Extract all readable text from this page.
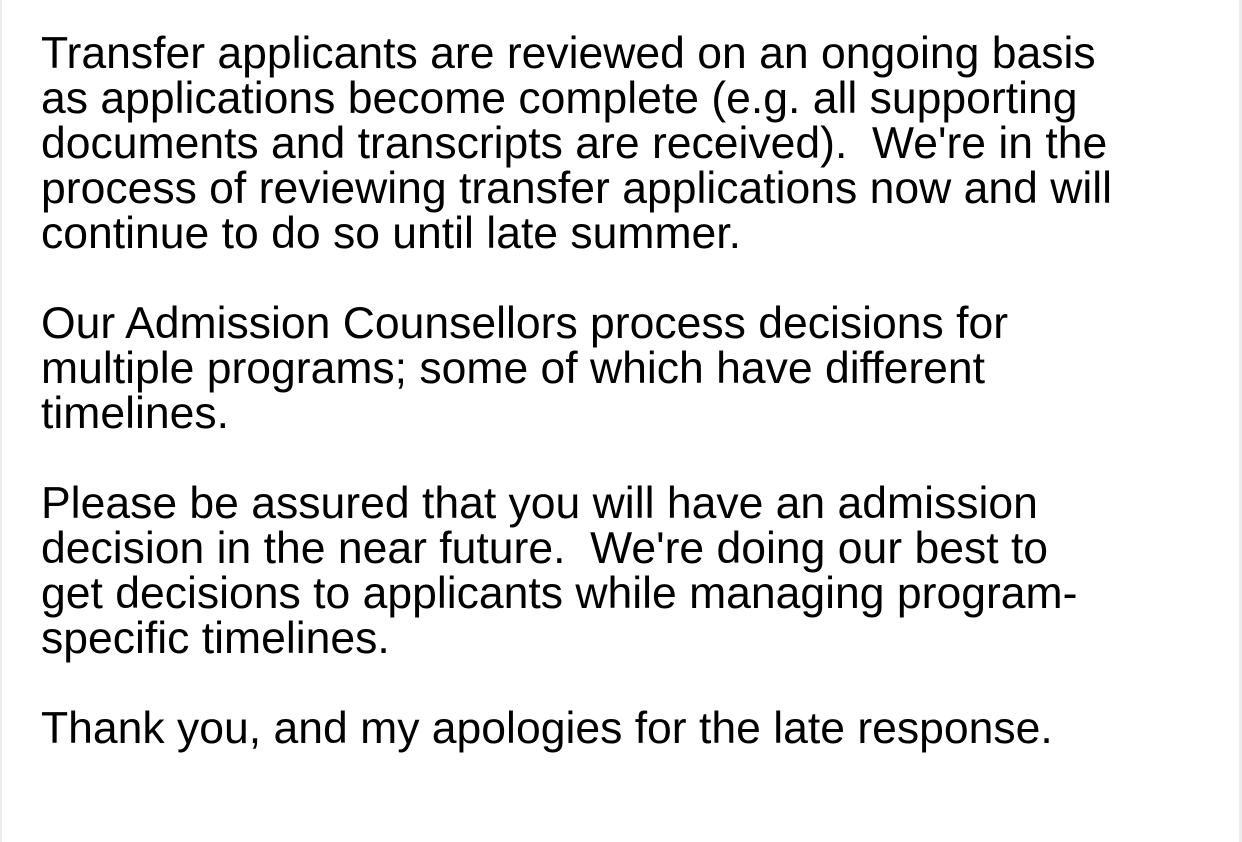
Transfer applicants are reviewed on an ongoing basis
as applications become complete (e.g. all supporting
documents and transcripts are received).  We're in the
process of reviewing transfer applications now and will
continue to do so until late summer.

Our Admission Counsellors process decisions for
multiple programs; some of which have different
timelines.

Please be assured that you will have an admission
decision in the near future.  We're doing our best to
get decisions to applicants while managing program-
specific timelines.

Thank you, and my apologies for the late response.
